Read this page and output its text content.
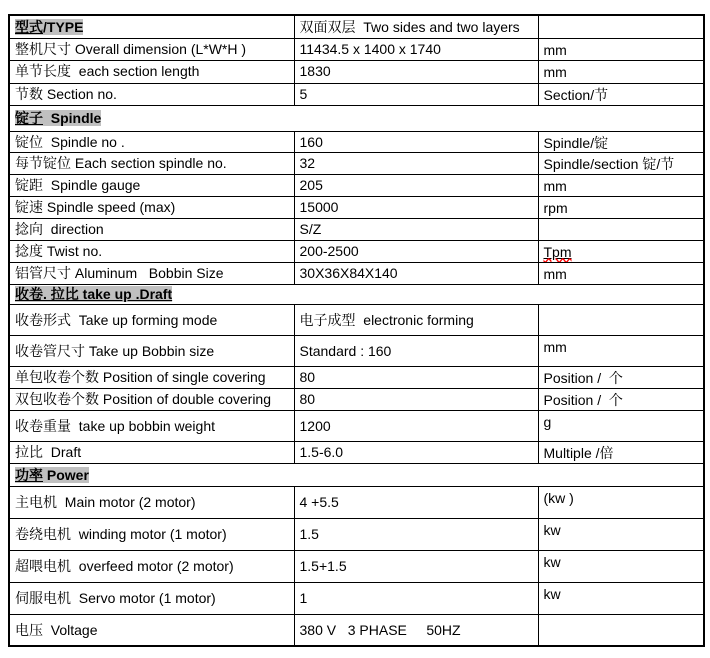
型式/TYPE	双面双层  Two sides and two layers	
整机尺寸 Overall dimension (L*W*H )	11434.5 x 1400 x 1740	mm
单节长度  each section length	1830	mm
节数 Section no.	5	Section/节
锭子  Spindle		
锭位  Spindle no .	160	Spindle/锭
每节锭位 Each section spindle no.	32	Spindle/section 锭/节
锭距  Spindle gauge	205	mm
锭速 Spindle speed (max)	15000	rpm
捻向  direction	S/Z	
捻度 Twist no.	200-2500	Tpm
铝管尺寸 Aluminum   Bobbin Size	30X36X84X140	mm
收卷. 拉比 take up .Draft		
收卷形式  Take up forming mode	电子成型  electronic forming	
收卷管尺寸 Take up Bobbin size	Standard : 160	mm
单包收卷个数 Position of single covering	80	Position /  个
双包收卷个数 Position of double covering	80	Position /  个
收卷重量  take up bobbin weight	1200	g
拉比  Draft	1.5-6.0	Multiple /倍
功率 Power		
主电机  Main motor (2 motor)	4 +5.5	(kw )
卷绕电机  winding motor (1 motor)	1.5	kw
超喂电机  overfeed motor (2 motor)	1.5+1.5	kw
伺服电机  Servo motor (1 motor)	1	kw
电压  Voltage	380 V   3 PHASE     50HZ	
